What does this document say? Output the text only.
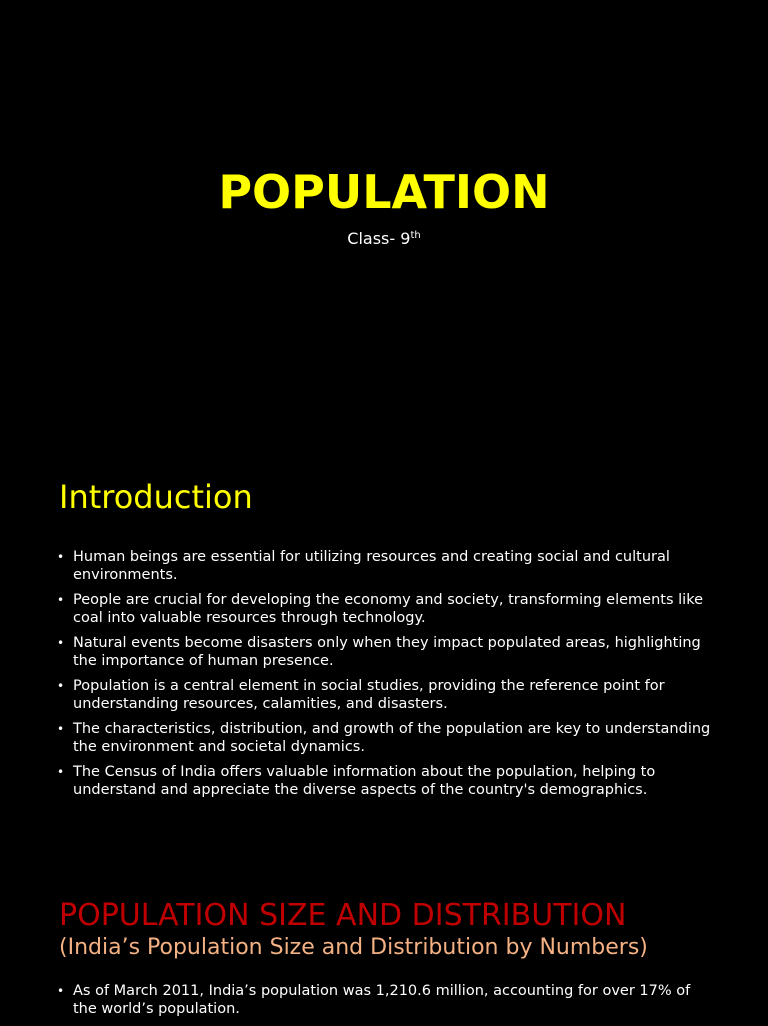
POPULATION
Class- 9th
Introduction
• Human beings are essential for utilizing resources and creating social and cultural environments.
• People are crucial for developing the economy and society, transforming elements like coal into valuable resources through technology.
• Natural events become disasters only when they impact populated areas, highlighting the importance of human presence.
• Population is a central element in social studies, providing the reference point for understanding resources, calamities, and disasters.
• The characteristics, distribution, and growth of the population are key to understanding the environment and societal dynamics.
• The Census of India offers valuable information about the population, helping to understand and appreciate the diverse aspects of the country's demographics.
POPULATION SIZE AND DISTRIBUTION
(India’s Population Size and Distribution by Numbers)
• As of March 2011, India’s population was 1,210.6 million, accounting for over 17% of the world’s population.
